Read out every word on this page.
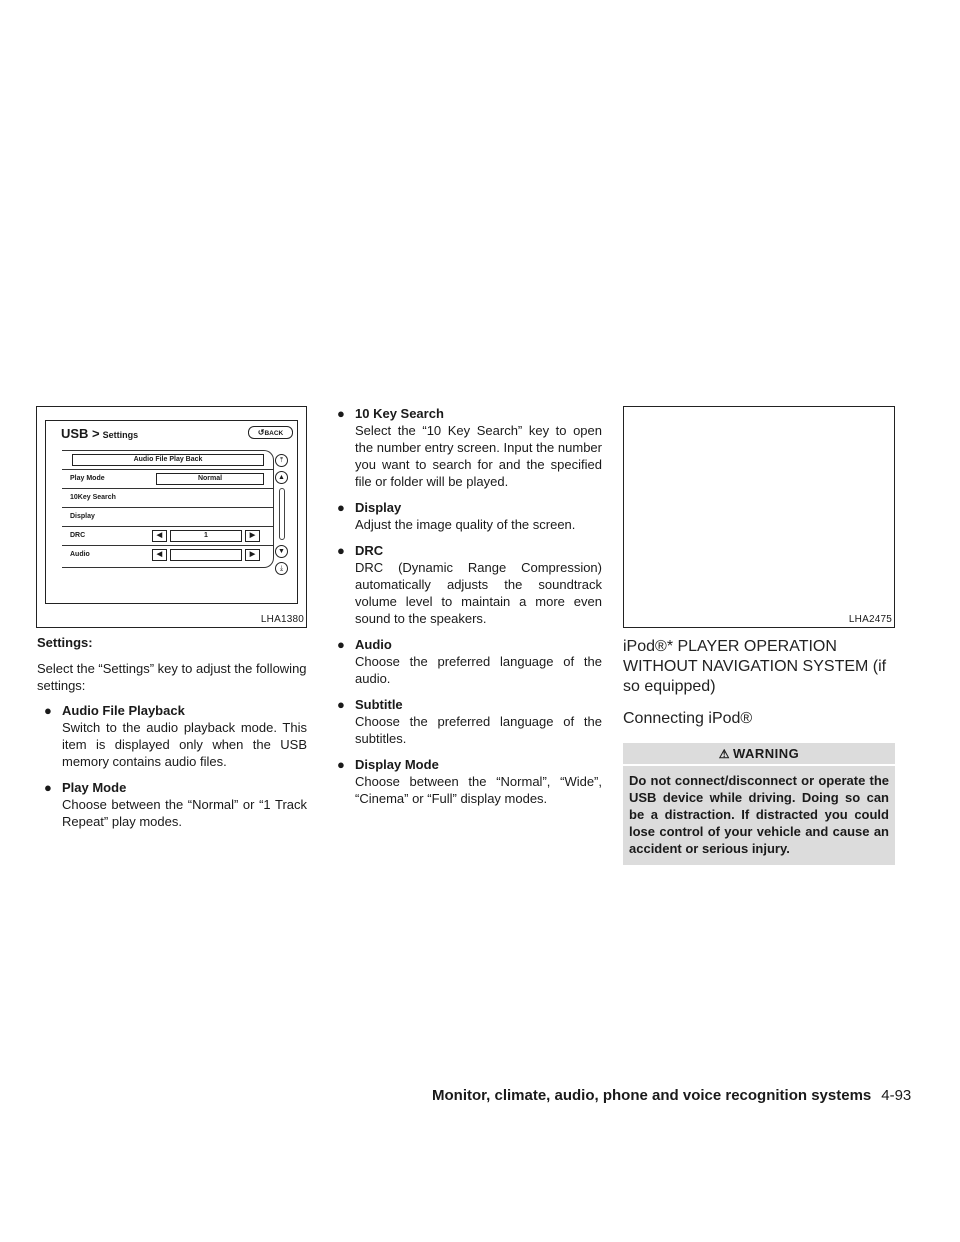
USB > Settings	↺BACK
Audio File Play Back
Play Mode	Normal
10Key Search
Display
DRC	◀	1	▶
Audio	◀	▶
⤒
▲
▼
⤓
LHA1380	LHA2475
Settings:
Select the “Settings” key to adjust the following settings:
● Audio File Playback
Switch to the audio playback mode. This item is displayed only when the USB memory contains audio files.
● Play Mode
Choose between the “Normal” or “1 Track Repeat” play modes.
● 10 Key Search
Select the “10 Key Search” key to open the number entry screen. Input the number you want to search for and the specified file or folder will be played.
● Display
Adjust the image quality of the screen.
● DRC
DRC (Dynamic Range Compression) automatically adjusts the soundtrack volume level to maintain a more even sound to the speakers.
● Audio
Choose the preferred language of the audio.
● Subtitle
Choose the preferred language of the subtitles.
● Display Mode
Choose between the “Normal”, “Wide”, “Cinema” or “Full” display modes.
iPod®* PLAYER OPERATION WITHOUT NAVIGATION SYSTEM (if so equipped)
Connecting iPod®
⚠ WARNING
Do not connect/disconnect or operate the USB device while driving. Doing so can be a distraction. If distracted you could lose control of your vehicle and cause an accident or serious injury.
Monitor, climate, audio, phone and voice recognition systems 4-93
